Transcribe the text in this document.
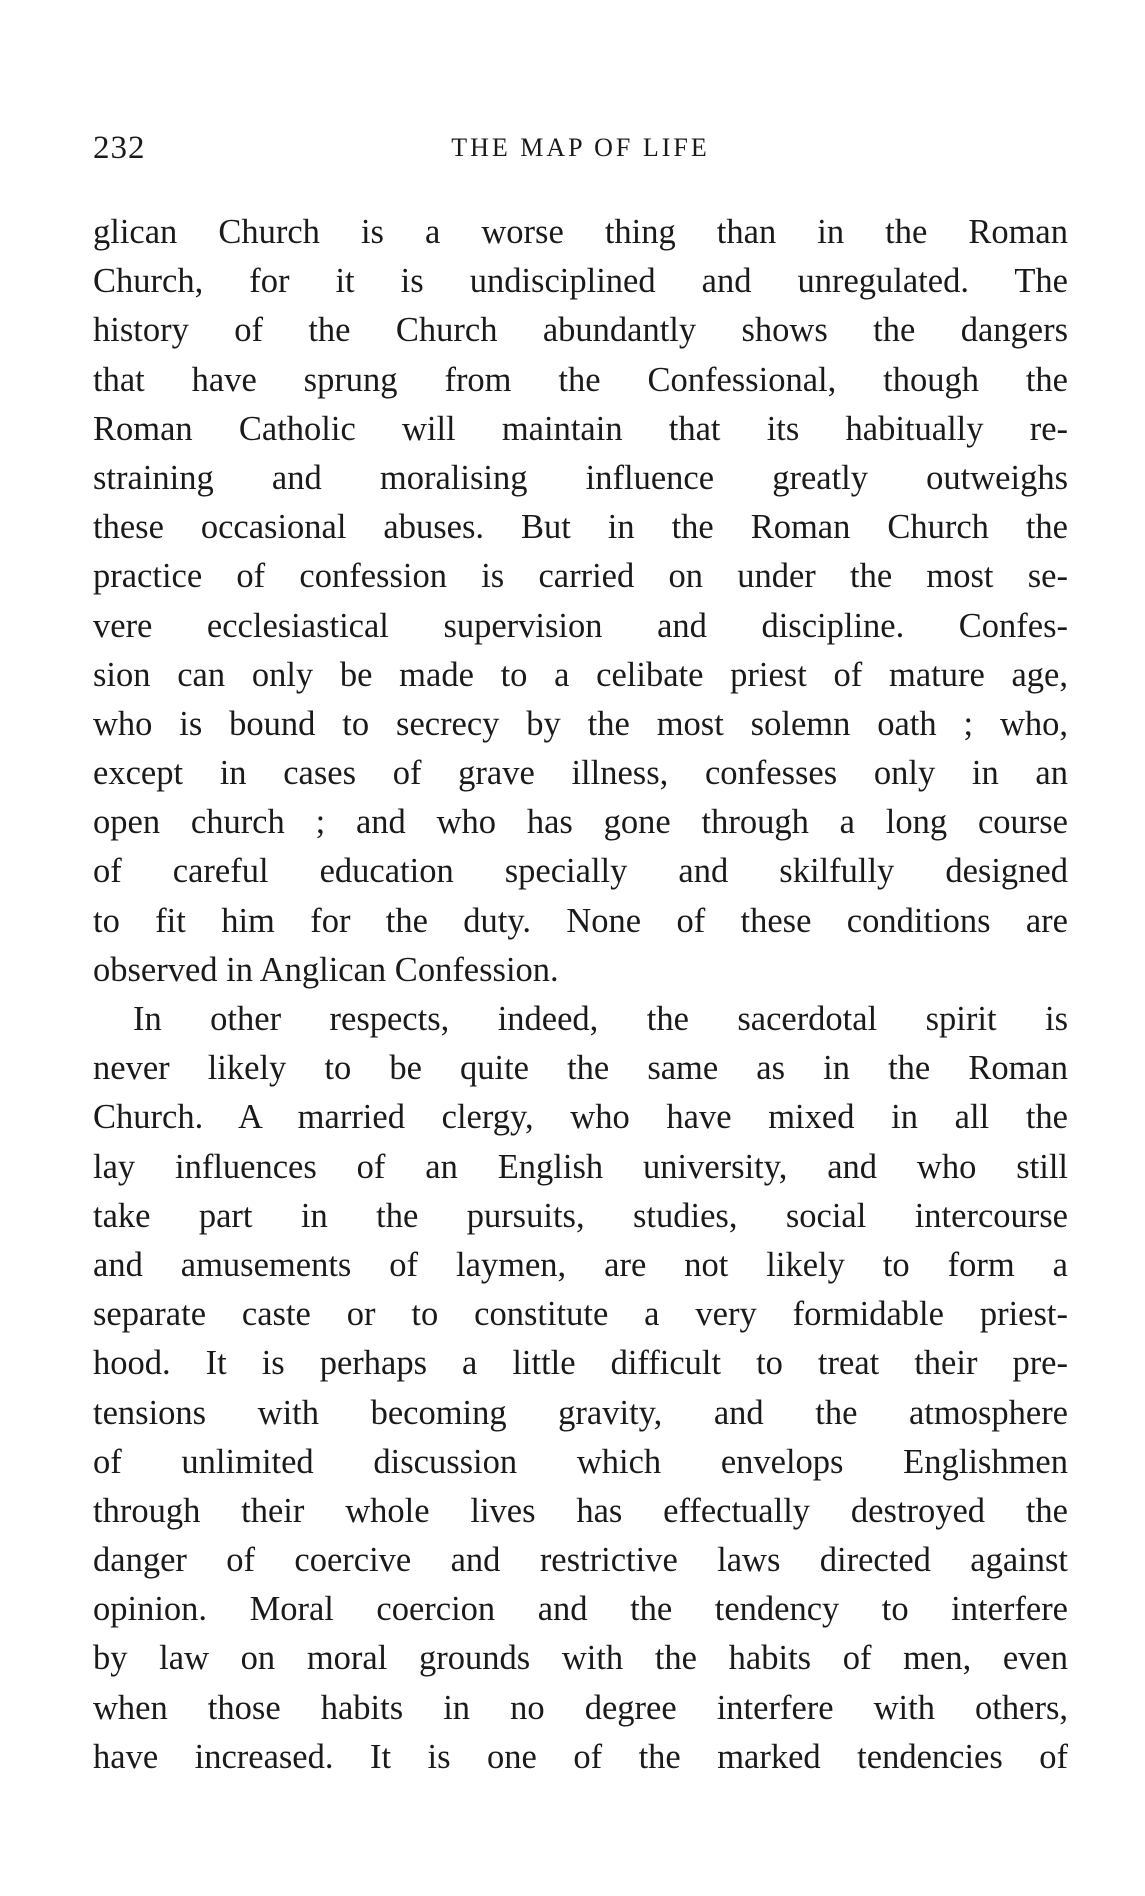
232	THE MAP OF LIFE
glican Church is a worse thing than in the Roman
Church, for it is undisciplined and unregulated. The
history of the Church abundantly shows the dangers
that have sprung from the Confessional, though the
Roman Catholic will maintain that its habitually re-
straining and moralising influence greatly outweighs
these occasional abuses. But in the Roman Church the
practice of confession is carried on under the most se-
vere ecclesiastical supervision and discipline. Confes-
sion can only be made to a celibate priest of mature age,
who is bound to secrecy by the most solemn oath ; who,
except in cases of grave illness, confesses only in an
open church ; and who has gone through a long course
of careful education specially and skilfully designed
to fit him for the duty. None of these conditions are
observed in Anglican Confession.
In other respects, indeed, the sacerdotal spirit is
never likely to be quite the same as in the Roman
Church. A married clergy, who have mixed in all the
lay influences of an English university, and who still
take part in the pursuits, studies, social intercourse
and amusements of laymen, are not likely to form a
separate caste or to constitute a very formidable priest-
hood. It is perhaps a little difficult to treat their pre-
tensions with becoming gravity, and the atmosphere
of unlimited discussion which envelops Englishmen
through their whole lives has effectually destroyed the
danger of coercive and restrictive laws directed against
opinion. Moral coercion and the tendency to interfere
by law on moral grounds with the habits of men, even
when those habits in no degree interfere with others,
have increased. It is one of the marked tendencies of
